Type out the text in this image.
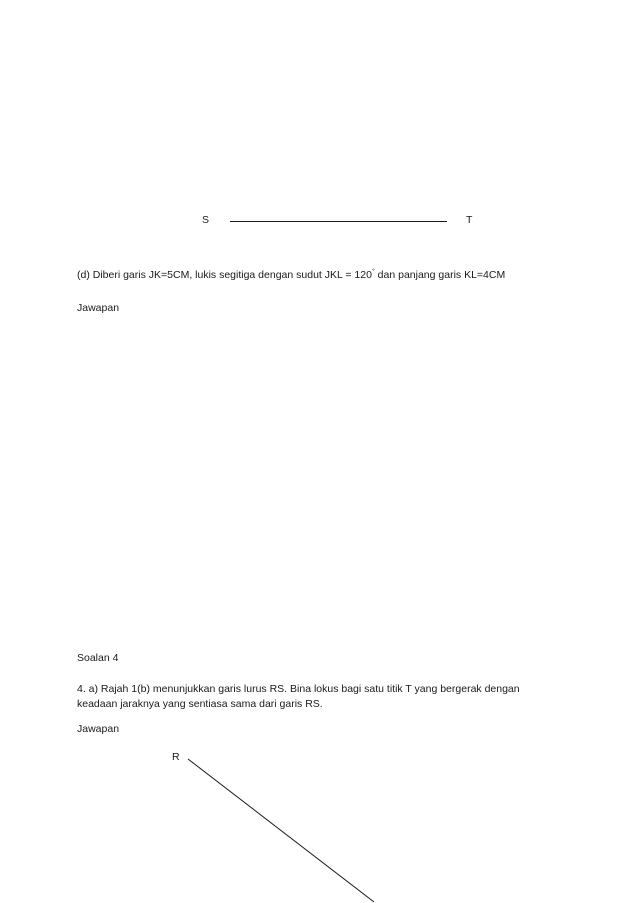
S	T
(d) Diberi garis JK=5CM, lukis segitiga dengan sudut JKL = 120° dan panjang garis KL=4CM
Jawapan
Soalan 4
4. a) Rajah 1(b) menunjukkan garis lurus RS. Bina lokus bagi satu titik T yang bergerak dengan
keadaan jaraknya yang sentiasa sama dari garis RS.
Jawapan
R
